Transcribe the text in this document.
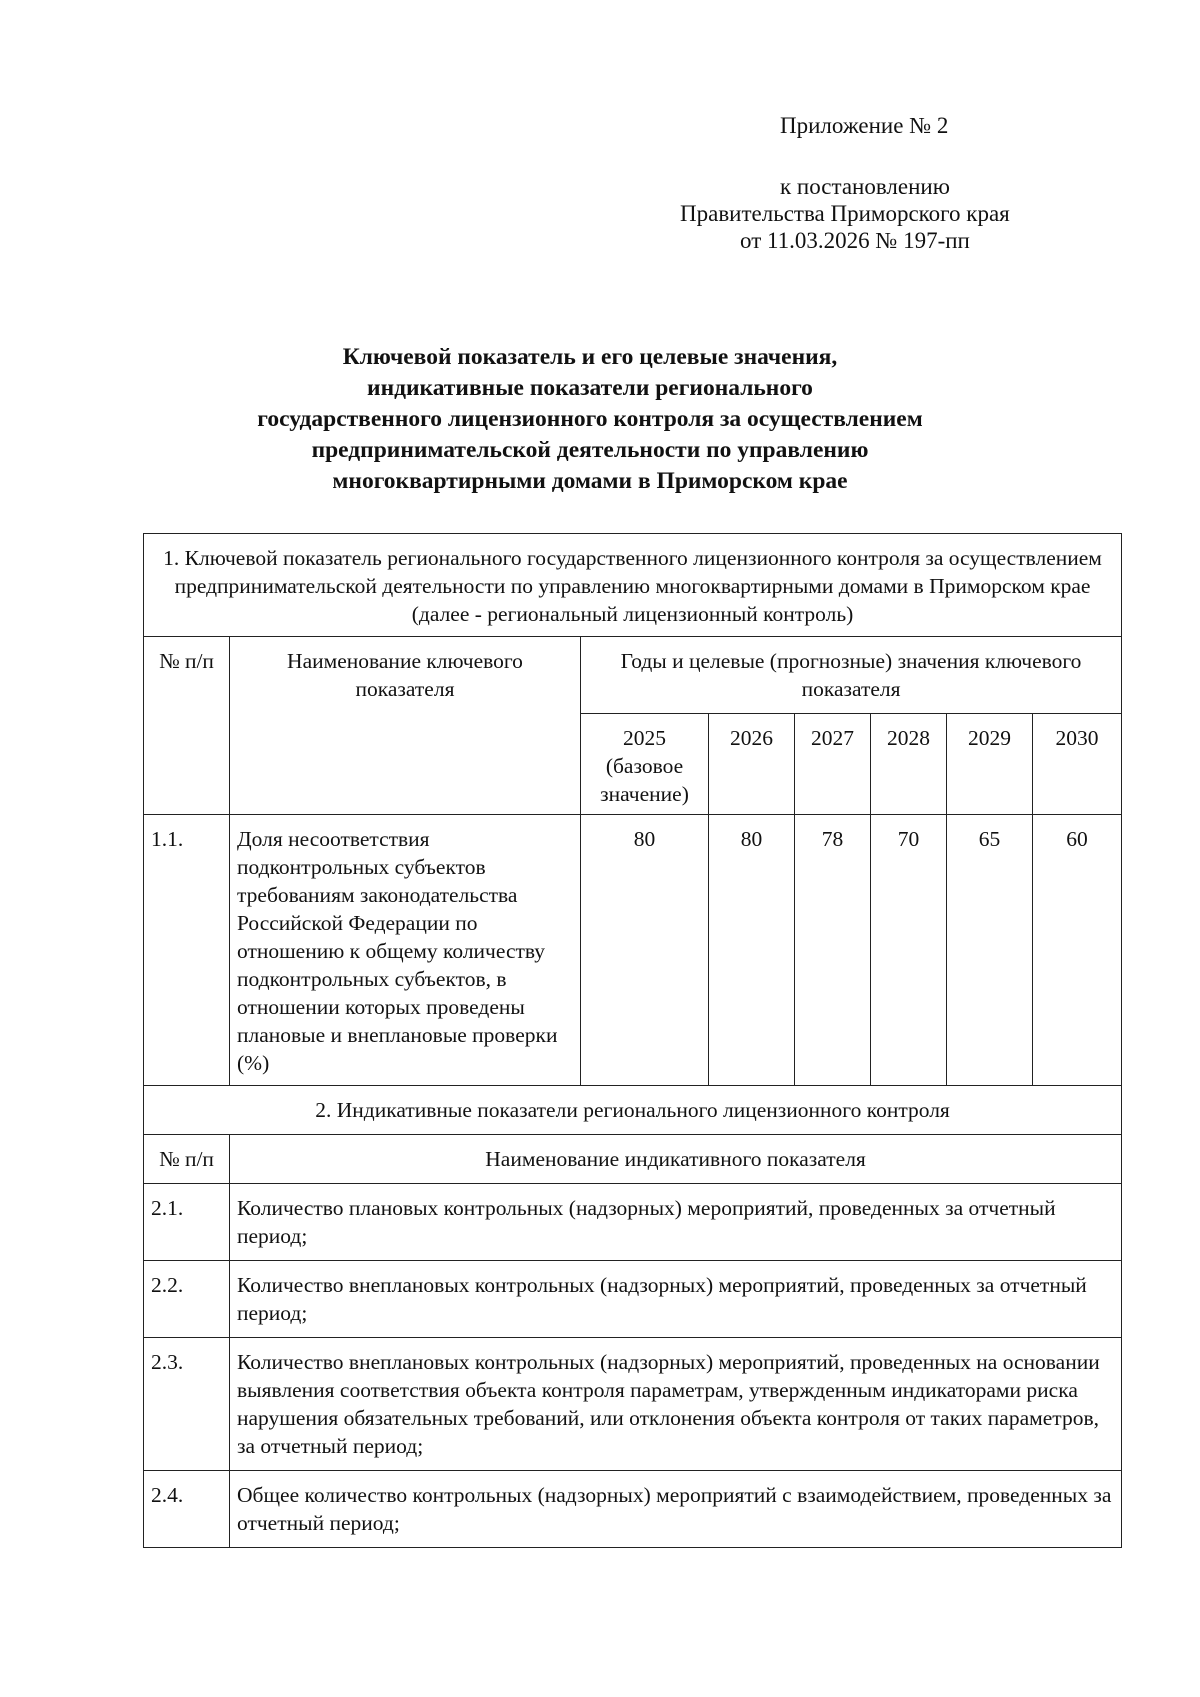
Приложение № 2
к постановлению
Правительства Приморского края
от 11.03.2026 № 197-пп
Ключевой показатель и его целевые значения,
индикативные показатели регионального
государственного лицензионного контроля за осуществлением
предпринимательской деятельности по управлению
многоквартирными домами в Приморском крае
1. Ключевой показатель регионального государственного лицензионного контроля за осуществлением предпринимательской деятельности по управлению многоквартирными домами в Приморском крае (далее - региональный лицензионный контроль)							
№ п/п	Наименование ключевого показателя	Годы и целевые (прогнозные) значения ключевого показателя					
		2025 (базовое значение)	2026	2027	2028	2029	2030
1.1.	Доля несоответствия подконтрольных субъектов требованиям законодательства Российской Федерации по отношению к общему количеству подконтрольных субъектов, в отношении которых проведены плановые и внеплановые проверки (%)	80	80	78	70	65	60
2. Индикативные показатели регионального лицензионного контроля							
№ п/п	Наименование индикативного показателя						
2.1.	Количество плановых контрольных (надзорных) мероприятий, проведенных за отчетный период;						
2.2.	Количество внеплановых контрольных (надзорных) мероприятий, проведенных за отчетный период;						
2.3.	Количество внеплановых контрольных (надзорных) мероприятий, проведенных на основании выявления соответствия объекта контроля параметрам, утвержденным индикаторами риска нарушения обязательных требований, или отклонения объекта контроля от таких параметров, за отчетный период;						
2.4.	Общее количество контрольных (надзорных) мероприятий с взаимодействием, проведенных за отчетный период;						
